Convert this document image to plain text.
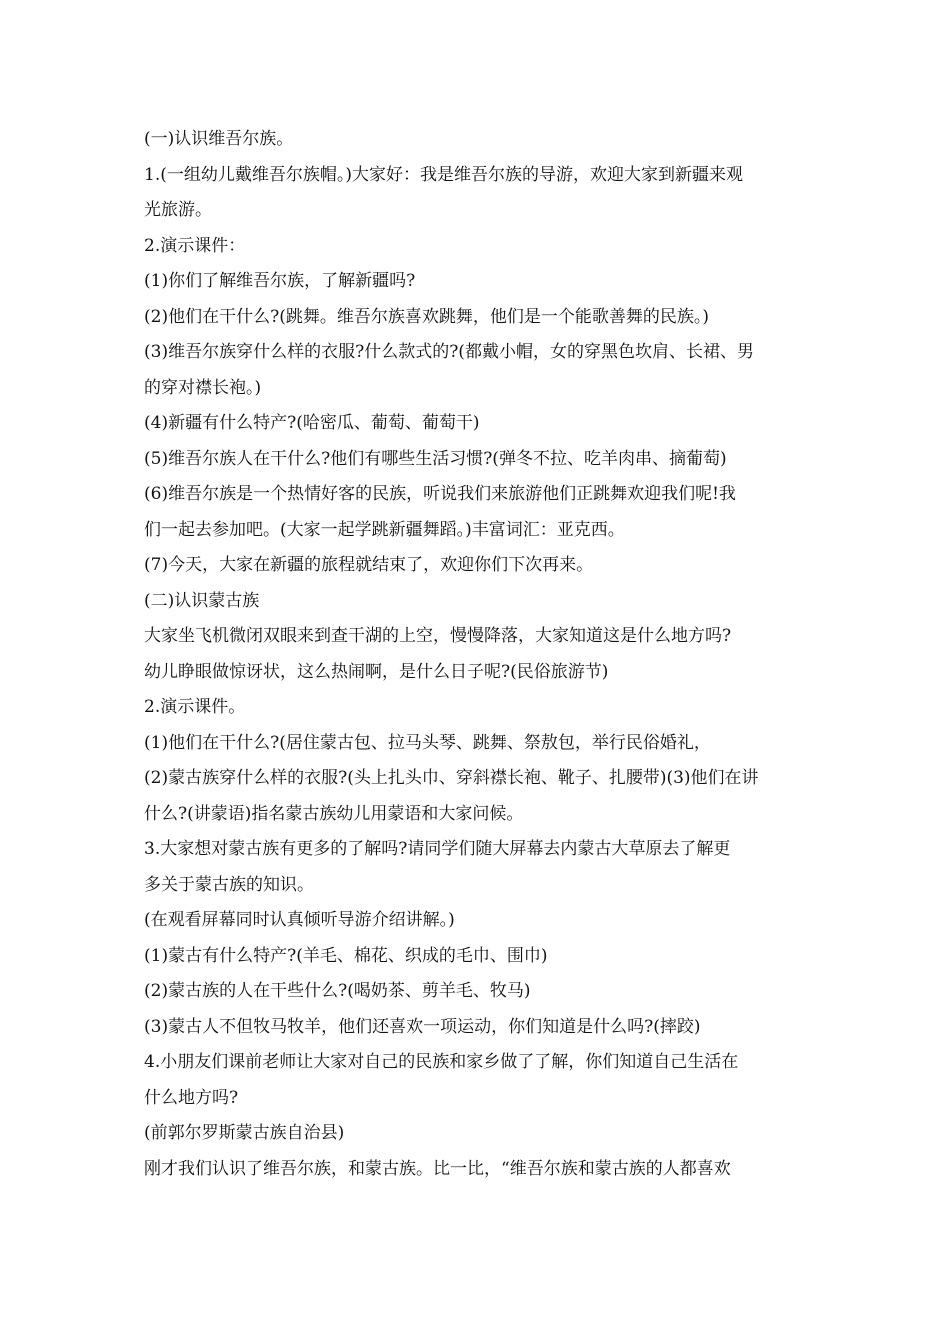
(一)认识维吾尔族。
1.(一组幼儿戴维吾尔族帽。)大家好：我是维吾尔族的导游，欢迎大家到新疆来观
光旅游。
2.演示课件：
(1)你们了解维吾尔族，了解新疆吗?
(2)他们在干什么?(跳舞。维吾尔族喜欢跳舞，他们是一个能歌善舞的民族。)
(3)维吾尔族穿什么样的衣服?什么款式的?(都戴小帽，女的穿黑色坎肩、长裙、男
的穿对襟长袍。)
(4)新疆有什么特产?(哈密瓜、葡萄、葡萄干)
(5)维吾尔族人在干什么?他们有哪些生活习惯?(弹冬不拉、吃羊肉串、摘葡萄)
(6)维吾尔族是一个热情好客的民族，听说我们来旅游他们正跳舞欢迎我们呢!我
们一起去参加吧。(大家一起学跳新疆舞蹈。)丰富词汇：亚克西。
(7)今天，大家在新疆的旅程就结束了，欢迎你们下次再来。
(二)认识蒙古族
大家坐飞机微闭双眼来到查干湖的上空，慢慢降落，大家知道这是什么地方吗?
幼儿睁眼做惊讶状，这么热闹啊，是什么日子呢?(民俗旅游节)
2.演示课件。
(1)他们在干什么?(居住蒙古包、拉马头琴、跳舞、祭敖包，举行民俗婚礼，
(2)蒙古族穿什么样的衣服?(头上扎头巾、穿斜襟长袍、靴子、扎腰带)(3)他们在讲
什么?(讲蒙语)指名蒙古族幼儿用蒙语和大家问候。
3.大家想对蒙古族有更多的了解吗?请同学们随大屏幕去内蒙古大草原去了解更
多关于蒙古族的知识。
(在观看屏幕同时认真倾听导游介绍讲解。)
(1)蒙古有什么特产?(羊毛、棉花、织成的毛巾、围巾)
(2)蒙古族的人在干些什么?(喝奶茶、剪羊毛、牧马)
(3)蒙古人不但牧马牧羊，他们还喜欢一项运动，你们知道是什么吗?(摔跤)
4.小朋友们课前老师让大家对自己的民族和家乡做了了解，你们知道自己生活在
什么地方吗?
(前郭尔罗斯蒙古族自治县)
刚才我们认识了维吾尔族，和蒙古族。比一比，“维吾尔族和蒙古族的人都喜欢
